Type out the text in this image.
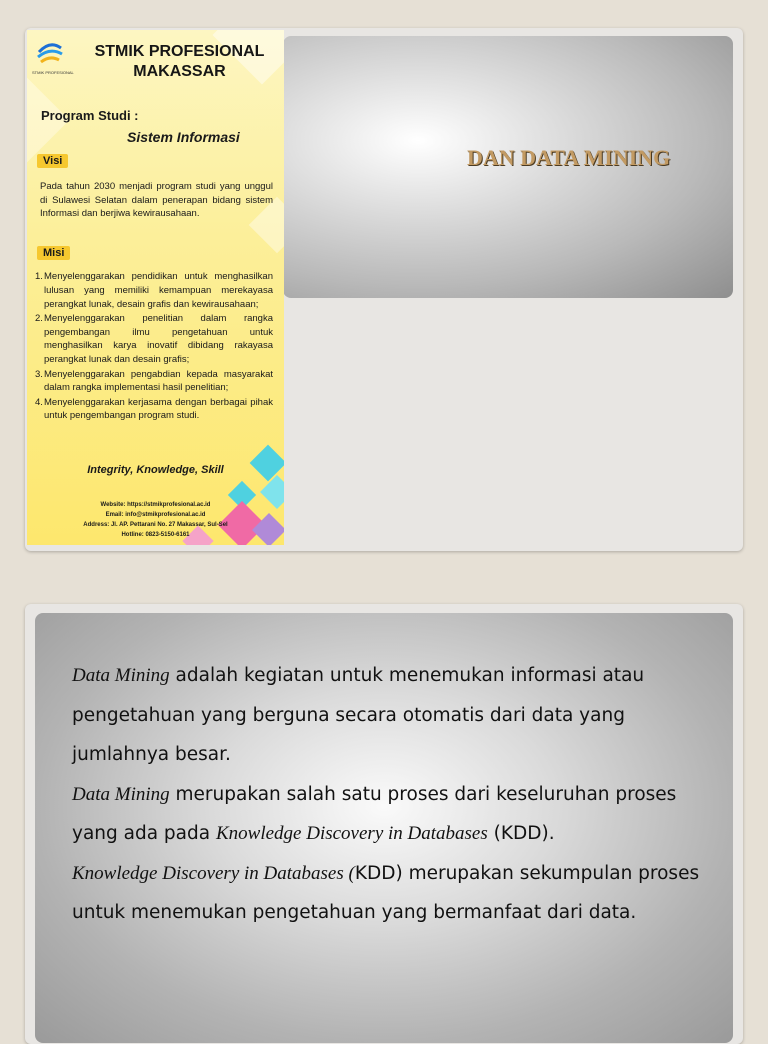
DAN DATA MINING
STMIK PROFESIONAL
STMIK PROFESIONAL
MAKASSAR
Program Studi :
Sistem Informasi
Visi
Pada tahun 2030 menjadi program studi yang unggul di Sulawesi Selatan dalam penerapan bidang sistem Informasi dan berjiwa kewirausahaan.
Misi
1. Menyelenggarakan pendidikan untuk menghasilkan lulusan yang memiliki kemampuan merekayasa perangkat lunak, desain grafis dan kewirausahaan;
2. Menyelenggarakan penelitian dalam rangka pengembangan ilmu pengetahuan untuk menghasilkan karya inovatif dibidang rakayasa perangkat lunak dan desain grafis;
3. Menyelenggarakan pengabdian kepada masyarakat dalam rangka implementasi hasil penelitian;
4. Menyelenggarakan kerjasama dengan berbagai pihak untuk pengembangan program studi.
Integrity, Knowledge, Skill
Website: https://stmikprofesional.ac.id
Email: info@stmikprofesional.ac.id
Address: Jl. AP. Pettarani No. 27 Makassar, Sul-Sel
Hotline: 0823-5150-6161

Data Mining adalah kegiatan untuk menemukan informasi atau pengetahuan yang berguna secara otomatis dari data yang jumlahnya besar.

Data Mining merupakan salah satu proses dari keseluruhan proses yang ada pada Knowledge Discovery in Databases (KDD).

Knowledge Discovery in Databases (KDD) merupakan sekumpulan proses untuk menemukan pengetahuan yang bermanfaat dari data.
